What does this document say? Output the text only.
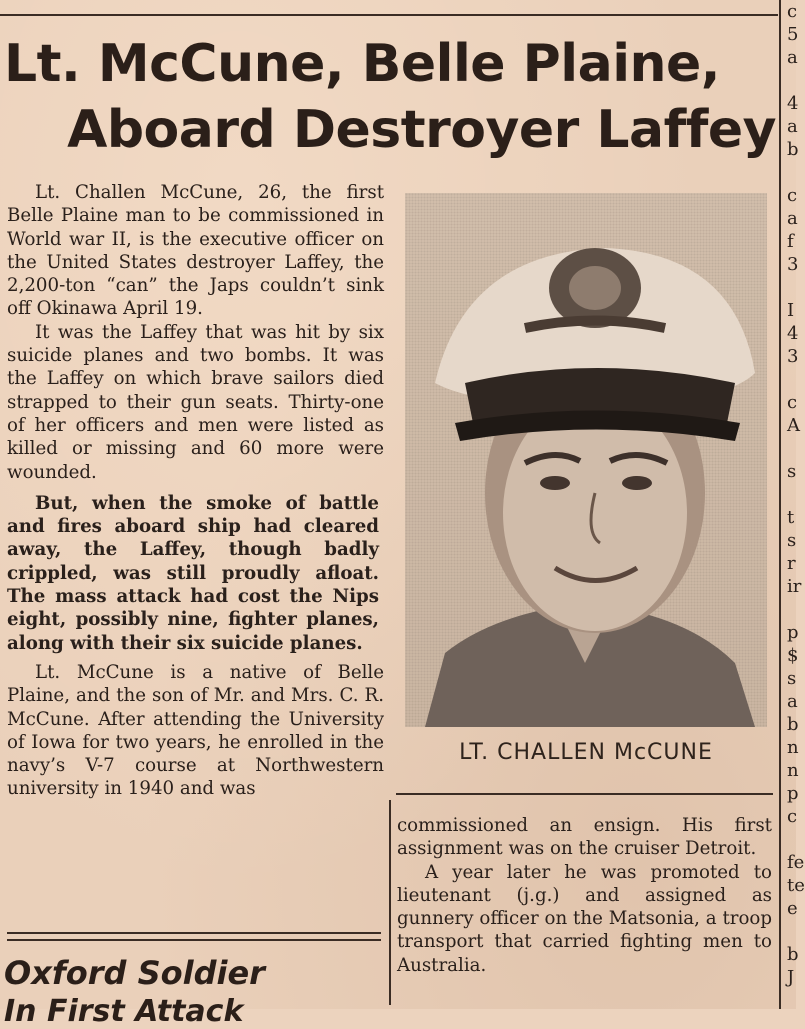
Lt. McCune, Belle Plaine,
Aboard Destroyer Laffey

Lt. Challen McCune, 26, the first Belle Plaine man to be commissioned in World war II, is the executive officer on the United States destroyer Laffey, the 2,200-ton “can” the Japs couldn’t sink off Okinawa April 19.

It was the Laffey that was hit by six suicide planes and two bombs. It was the Laffey on which brave sailors died strapped to their gun seats. Thirty-one of her officers and men were listed as killed or missing and 60 more were wounded.

But, when the smoke of battle and fires aboard ship had cleared away, the Laffey, though badly crippled, was still proudly afloat. The mass attack had cost the Nips eight, possibly nine, fighter planes, along with their six suicide planes.

Lt. McCune is a native of Belle Plaine, and the son of Mr. and Mrs. C. R. McCune. After attending the University of Iowa for two years, he enrolled in the navy’s V-7 course at Northwestern university in 1940 and was

LT. CHALLEN McCUNE

commissioned an ensign. His first assignment was on the cruiser Detroit.

A year later he was promoted to lieutenant (j.g.) and assigned as gunnery officer on the Matsonia, a troop transport that carried fighting men to Australia.

Oxford Soldier
In First Attack
c
5
a

4
a
b

c
a
f
3

I
4
3

c
A

s

t
s
r
ir

p
$
s
a
b
n
n
p
c

fe
te
e

b
J
